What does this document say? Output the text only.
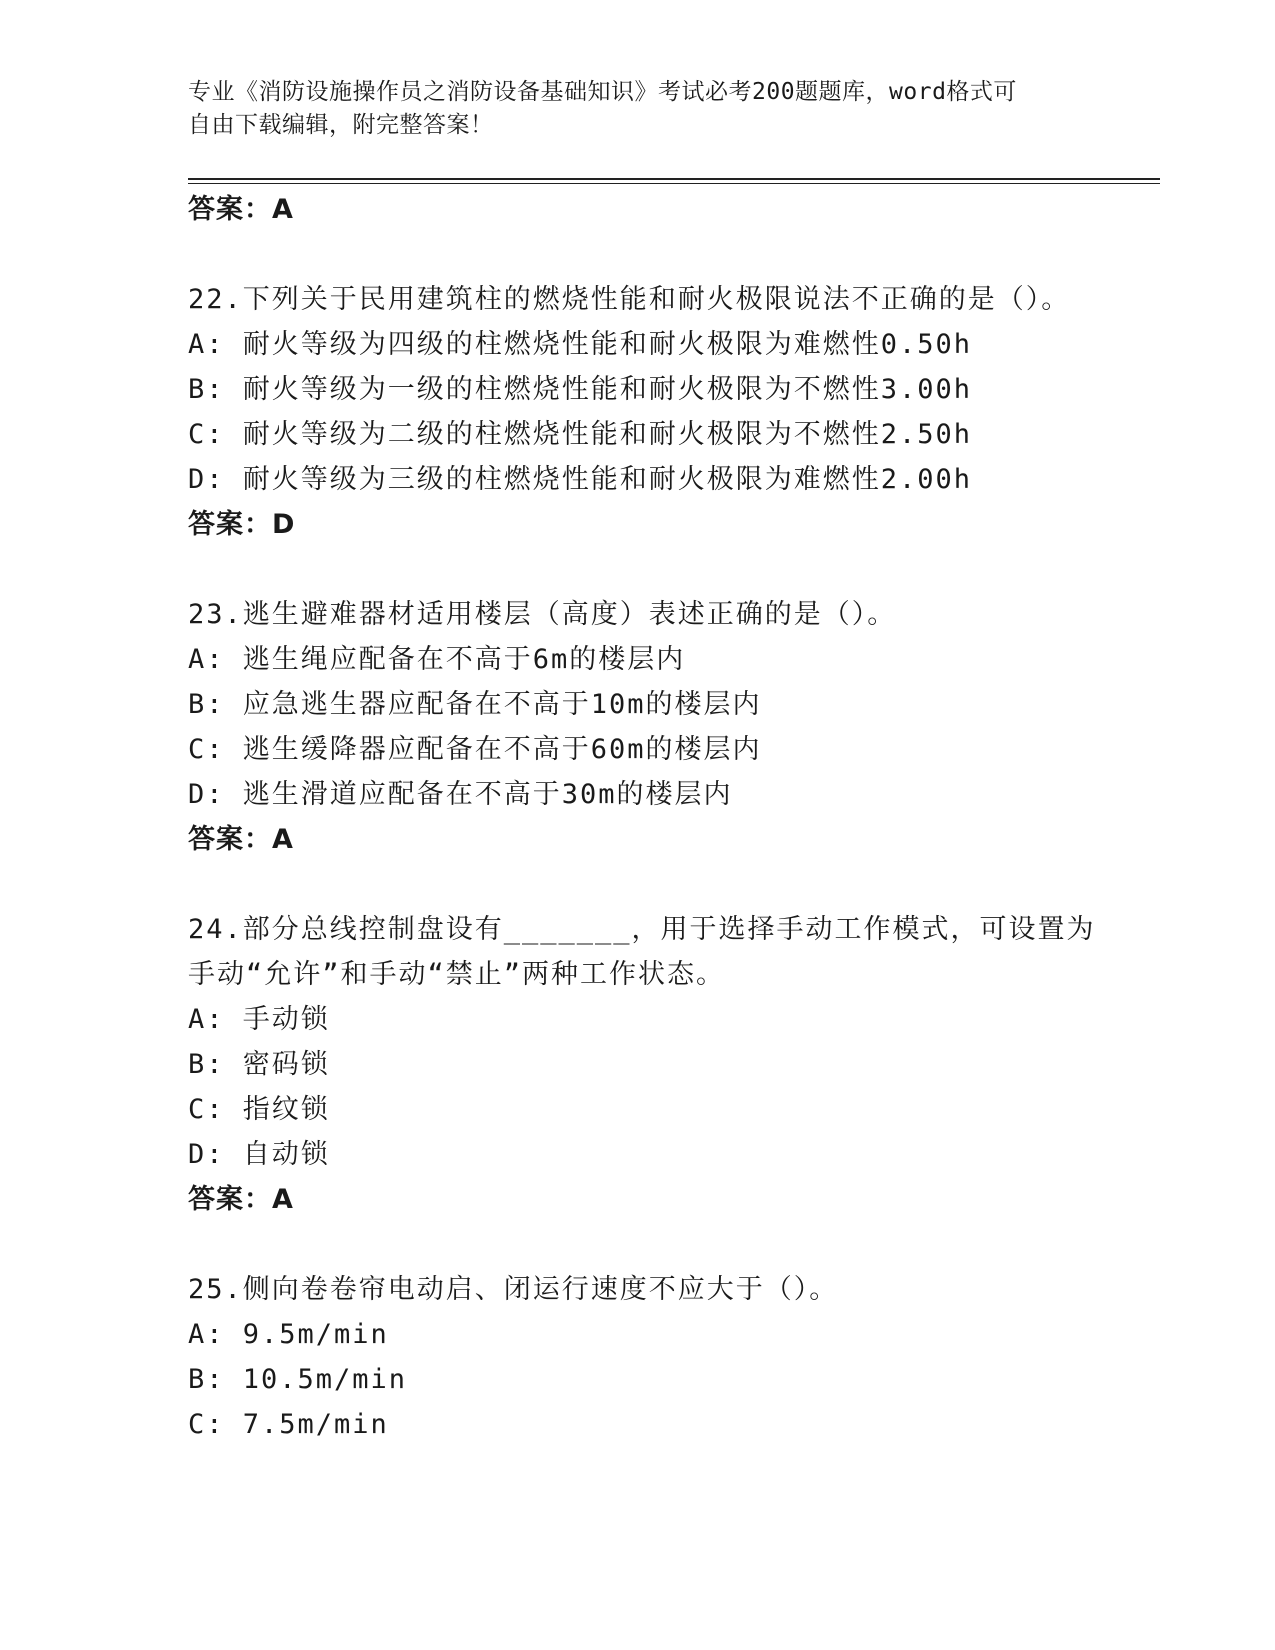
专业《消防设施操作员之消防设备基础知识》考试必考200题题库，word格式可
自由下载编辑，附完整答案！
答案：A
22.下列关于民用建筑柱的燃烧性能和耐火极限说法不正确的是（）。
A: 耐火等级为四级的柱燃烧性能和耐火极限为难燃性0.50h
B: 耐火等级为一级的柱燃烧性能和耐火极限为不燃性3.00h
C: 耐火等级为二级的柱燃烧性能和耐火极限为不燃性2.50h
D: 耐火等级为三级的柱燃烧性能和耐火极限为难燃性2.00h
答案：D
23.逃生避难器材适用楼层（高度）表述正确的是（）。
A: 逃生绳应配备在不高于6m的楼层内
B: 应急逃生器应配备在不高于10m的楼层内
C: 逃生缓降器应配备在不高于60m的楼层内
D: 逃生滑道应配备在不高于30m的楼层内
答案：A
24.部分总线控制盘设有_______，用于选择手动工作模式，可设置为
手动“允许”和手动“禁止”两种工作状态。
A: 手动锁
B: 密码锁
C: 指纹锁
D: 自动锁
答案：A
25.侧向卷卷帘电动启、闭运行速度不应大于（）。
A: 9.5m/min
B: 10.5m/min
C: 7.5m/min
